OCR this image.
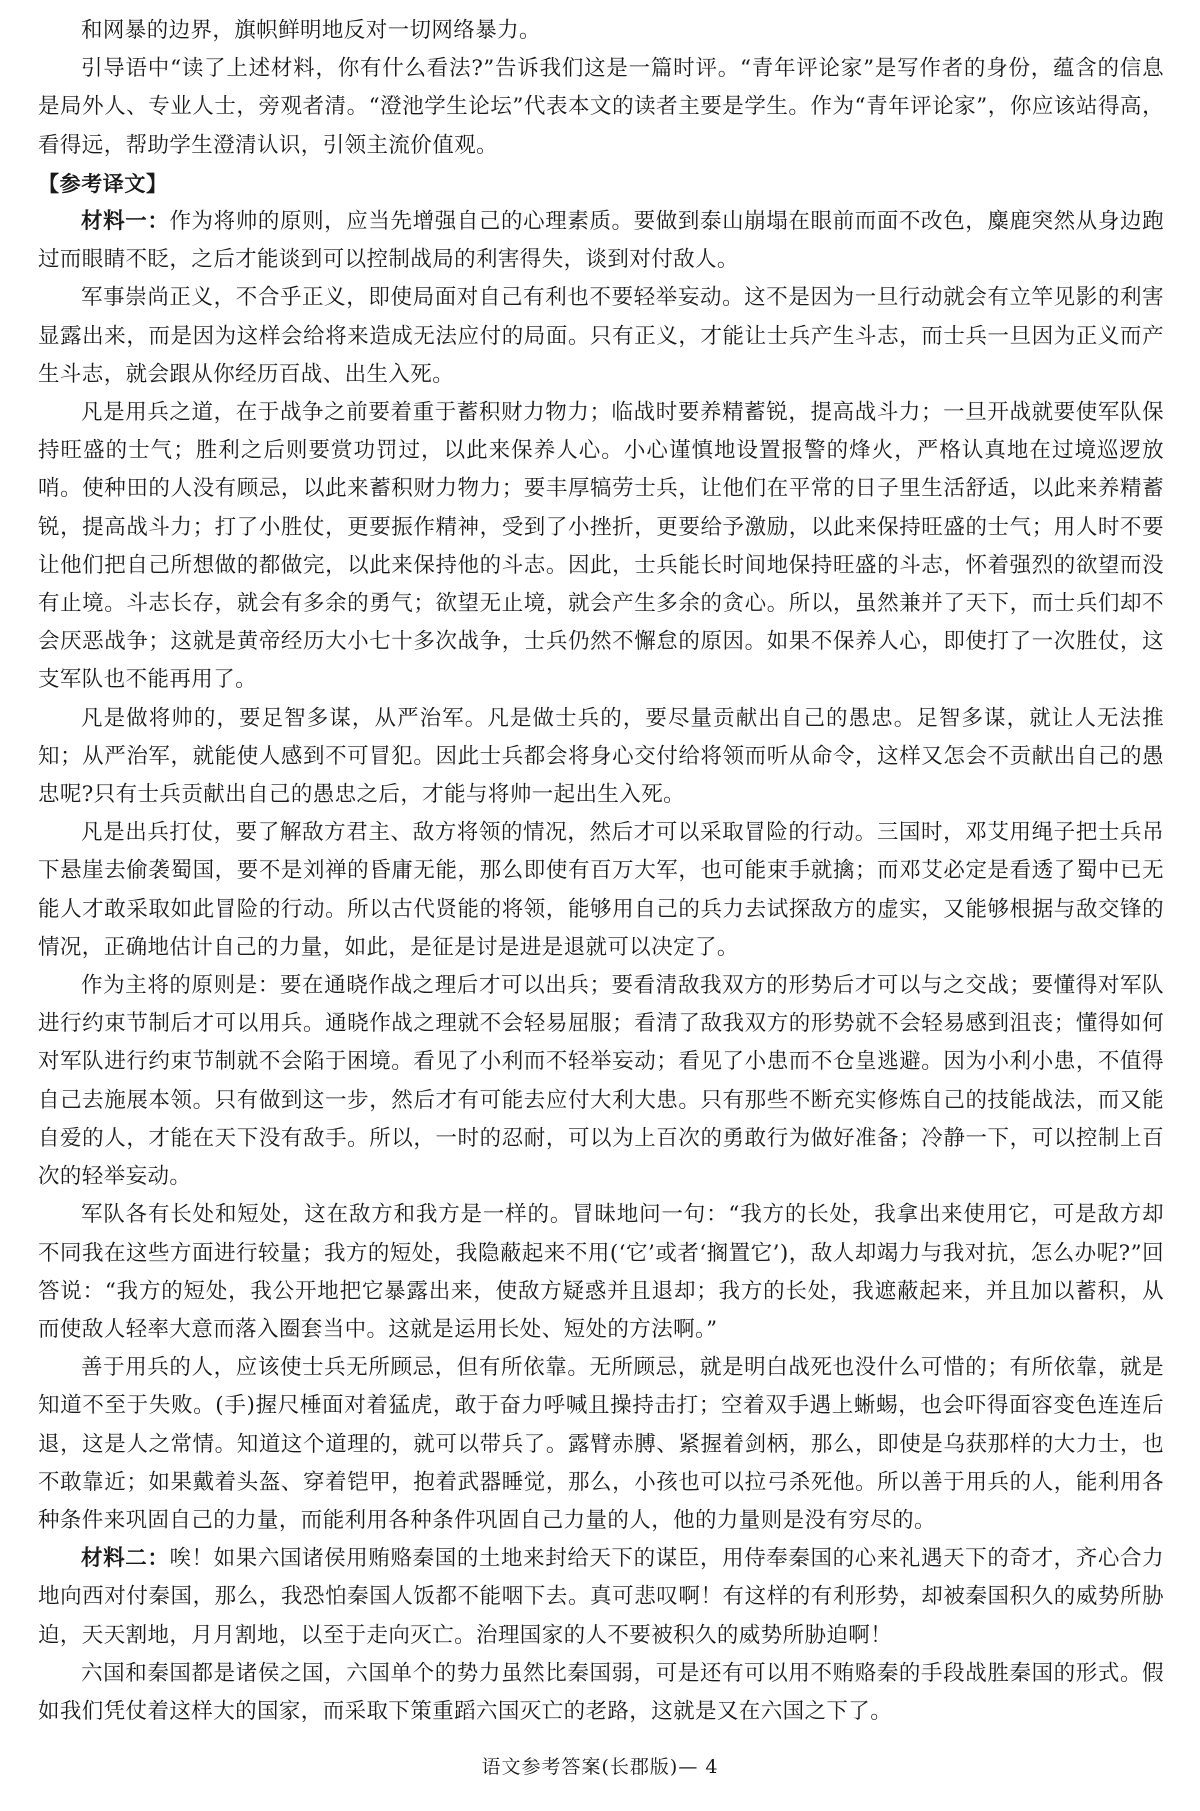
和网暴的边界，旗帜鲜明地反对一切网络暴力。

引导语中“读了上述材料，你有什么看法?”告诉我们这是一篇时评。“青年评论家”是写作者的身份，蕴含的信息是局外人、专业人士，旁观者清。“澄池学生论坛”代表本文的读者主要是学生。作为“青年评论家”，你应该站得高，看得远，帮助学生澄清认识，引领主流价值观。

【参考译文】

材料一：作为将帅的原则，应当先增强自己的心理素质。要做到泰山崩塌在眼前而面不改色，麋鹿突然从身边跑过而眼睛不眨，之后才能谈到可以控制战局的利害得失，谈到对付敌人。

军事崇尚正义，不合乎正义，即使局面对自己有利也不要轻举妄动。这不是因为一旦行动就会有立竿见影的利害显露出来，而是因为这样会给将来造成无法应付的局面。只有正义，才能让士兵产生斗志，而士兵一旦因为正义而产生斗志，就会跟从你经历百战、出生入死。

凡是用兵之道，在于战争之前要着重于蓄积财力物力；临战时要养精蓄锐，提高战斗力；一旦开战就要使军队保持旺盛的士气；胜利之后则要赏功罚过，以此来保养人心。小心谨慎地设置报警的烽火，严格认真地在过境巡逻放哨。使种田的人没有顾忌，以此来蓄积财力物力；要丰厚犒劳士兵，让他们在平常的日子里生活舒适，以此来养精蓄锐，提高战斗力；打了小胜仗，更要振作精神，受到了小挫折，更要给予激励，以此来保持旺盛的士气；用人时不要让他们把自己所想做的都做完，以此来保持他的斗志。因此，士兵能长时间地保持旺盛的斗志，怀着强烈的欲望而没有止境。斗志长存，就会有多余的勇气；欲望无止境，就会产生多余的贪心。所以，虽然兼并了天下，而士兵们却不会厌恶战争；这就是黄帝经历大小七十多次战争，士兵仍然不懈怠的原因。如果不保养人心，即使打了一次胜仗，这支军队也不能再用了。

凡是做将帅的，要足智多谋，从严治军。凡是做士兵的，要尽量贡献出自己的愚忠。足智多谋，就让人无法推知；从严治军，就能使人感到不可冒犯。因此士兵都会将身心交付给将领而听从命令，这样又怎会不贡献出自己的愚忠呢?只有士兵贡献出自己的愚忠之后，才能与将帅一起出生入死。

凡是出兵打仗，要了解敌方君主、敌方将领的情况，然后才可以采取冒险的行动。三国时，邓艾用绳子把士兵吊下悬崖去偷袭蜀国，要不是刘禅的昏庸无能，那么即使有百万大军，也可能束手就擒；而邓艾必定是看透了蜀中已无能人才敢采取如此冒险的行动。所以古代贤能的将领，能够用自己的兵力去试探敌方的虚实，又能够根据与敌交锋的情况，正确地估计自己的力量，如此，是征是讨是进是退就可以决定了。

作为主将的原则是：要在通晓作战之理后才可以出兵；要看清敌我双方的形势后才可以与之交战；要懂得对军队进行约束节制后才可以用兵。通晓作战之理就不会轻易屈服；看清了敌我双方的形势就不会轻易感到沮丧；懂得如何对军队进行约束节制就不会陷于困境。看见了小利而不轻举妄动；看见了小患而不仓皇逃避。因为小利小患，不值得自己去施展本领。只有做到这一步，然后才有可能去应付大利大患。只有那些不断充实修炼自己的技能战法，而又能自爱的人，才能在天下没有敌手。所以，一时的忍耐，可以为上百次的勇敢行为做好准备；冷静一下，可以控制上百次的轻举妄动。

军队各有长处和短处，这在敌方和我方是一样的。冒昧地问一句：“我方的长处，我拿出来使用它，可是敌方却不同我在这些方面进行较量；我方的短处，我隐蔽起来不用(‘它’或者‘搁置它’)，敌人却竭力与我对抗，怎么办呢?”回答说：“我方的短处，我公开地把它暴露出来，使敌方疑惑并且退却；我方的长处，我遮蔽起来，并且加以蓄积，从而使敌人轻率大意而落入圈套当中。这就是运用长处、短处的方法啊。”

善于用兵的人，应该使士兵无所顾忌，但有所依靠。无所顾忌，就是明白战死也没什么可惜的；有所依靠，就是知道不至于失败。(手)握尺棰面对着猛虎，敢于奋力呼喊且操持击打；空着双手遇上蜥蜴，也会吓得面容变色连连后退，这是人之常情。知道这个道理的，就可以带兵了。露臂赤膊、紧握着剑柄，那么，即使是乌获那样的大力士，也不敢靠近；如果戴着头盔、穿着铠甲，抱着武器睡觉，那么，小孩也可以拉弓杀死他。所以善于用兵的人，能利用各种条件来巩固自己的力量，而能利用各种条件巩固自己力量的人，他的力量则是没有穷尽的。

材料二：唉！如果六国诸侯用贿赂秦国的土地来封给天下的谋臣，用侍奉秦国的心来礼遇天下的奇才，齐心合力地向西对付秦国，那么，我恐怕秦国人饭都不能咽下去。真可悲叹啊！有这样的有利形势，却被秦国积久的威势所胁迫，天天割地，月月割地，以至于走向灭亡。治理国家的人不要被积久的威势所胁迫啊！

六国和秦国都是诸侯之国，六国单个的势力虽然比秦国弱，可是还有可以用不贿赂秦的手段战胜秦国的形式。假如我们凭仗着这样大的国家，而采取下策重蹈六国灭亡的老路，这就是又在六国之下了。

语文参考答案(长郡版)— 4
